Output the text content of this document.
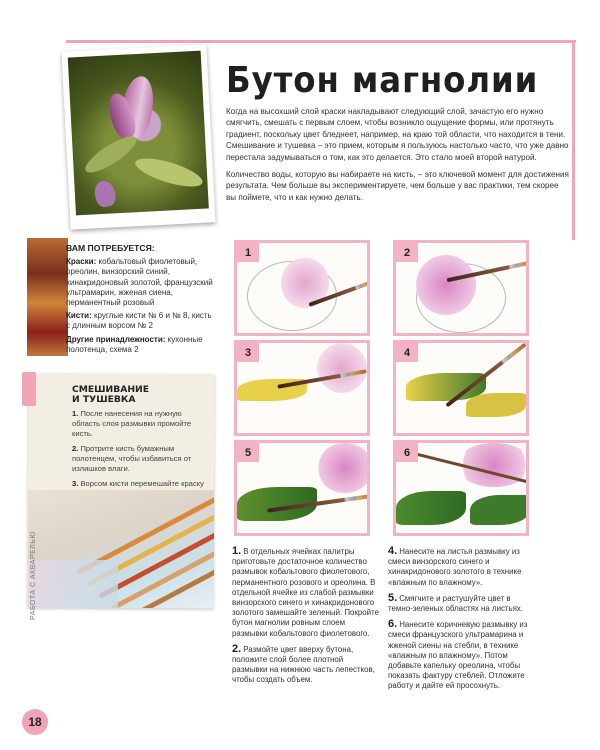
Бутон магнолии

Когда на высохший слой краски накладывают следующий слой, зачастую его нужно смягчить, смешать с первым слоем, чтобы возникло ощущение формы, или протянуть градиент, поскольку цвет бледнеет, например, на краю той области, что находится в тени. Смешивание и тушевка – это прием, которым я пользуюсь настолько часто, что уже давно перестала задумываться о том, как это делается. Это стало моей второй натурой.

Количество воды, которую вы набираете на кисть, – это ключевой момент для достижения результата. Чем больше вы экспериментируете, чем больше у вас практики, тем скорее вы поймете, что и как нужно делать.

ВАМ ПОТРЕБУЕТСЯ:

Краски: кобальтовый фиолетовый, ореолин, винзорский синий, хинакридоновый золотой, французский ультрамарин, жженая сиена, перманентный розовый

Кисти: круглые кисти № 6 и № 8, кисть с длинным ворсом № 2

Другие принадлежности: кухонные полотенца, схема 2

СМЕШИВАНИЕ
И ТУШЕВКА

1. После нанесения на нужную область слоя размывки промойте кисть.

2. Протрите кисть бумажным полотенцем, чтобы избавиться от излишков влаги.

3. Ворсом кисти перемешайте краску

РАБОТА С АКВАРЕЛЬЮ
18
1	2
3	4
5	6

1. В отдельных ячейках палитры приготовьте достаточное количество размывок кобальтового фиолетового, перманентного розового и ореолина. В отдельной ячейке из слабой размывки винзорского синего и хинакридонового золотого замешайте зеленый. Покройте бутон магнолии ровным слоем размывки кобальтового фиолетового.

2. Размойте цвет вверху бутона, положите слой более плотной размывки на нижнюю часть лепестков, чтобы создать объем.

4. Нанесите на листья размывку из смеси винзорского синего и хинакридонового золотого в технике «влажным по влажному».

5. Смягчите и растушуйте цвет в темно-зеленых областях на листьях.

6. Нанесите коричневую размывку из смеси французского ультрамарина и жженой сиены на стебли, в технике «влажным по влажному». Потом добавьте капельку ореолина, чтобы показать фактуру стеблей. Отложите работу и дайте ей просохнуть.
